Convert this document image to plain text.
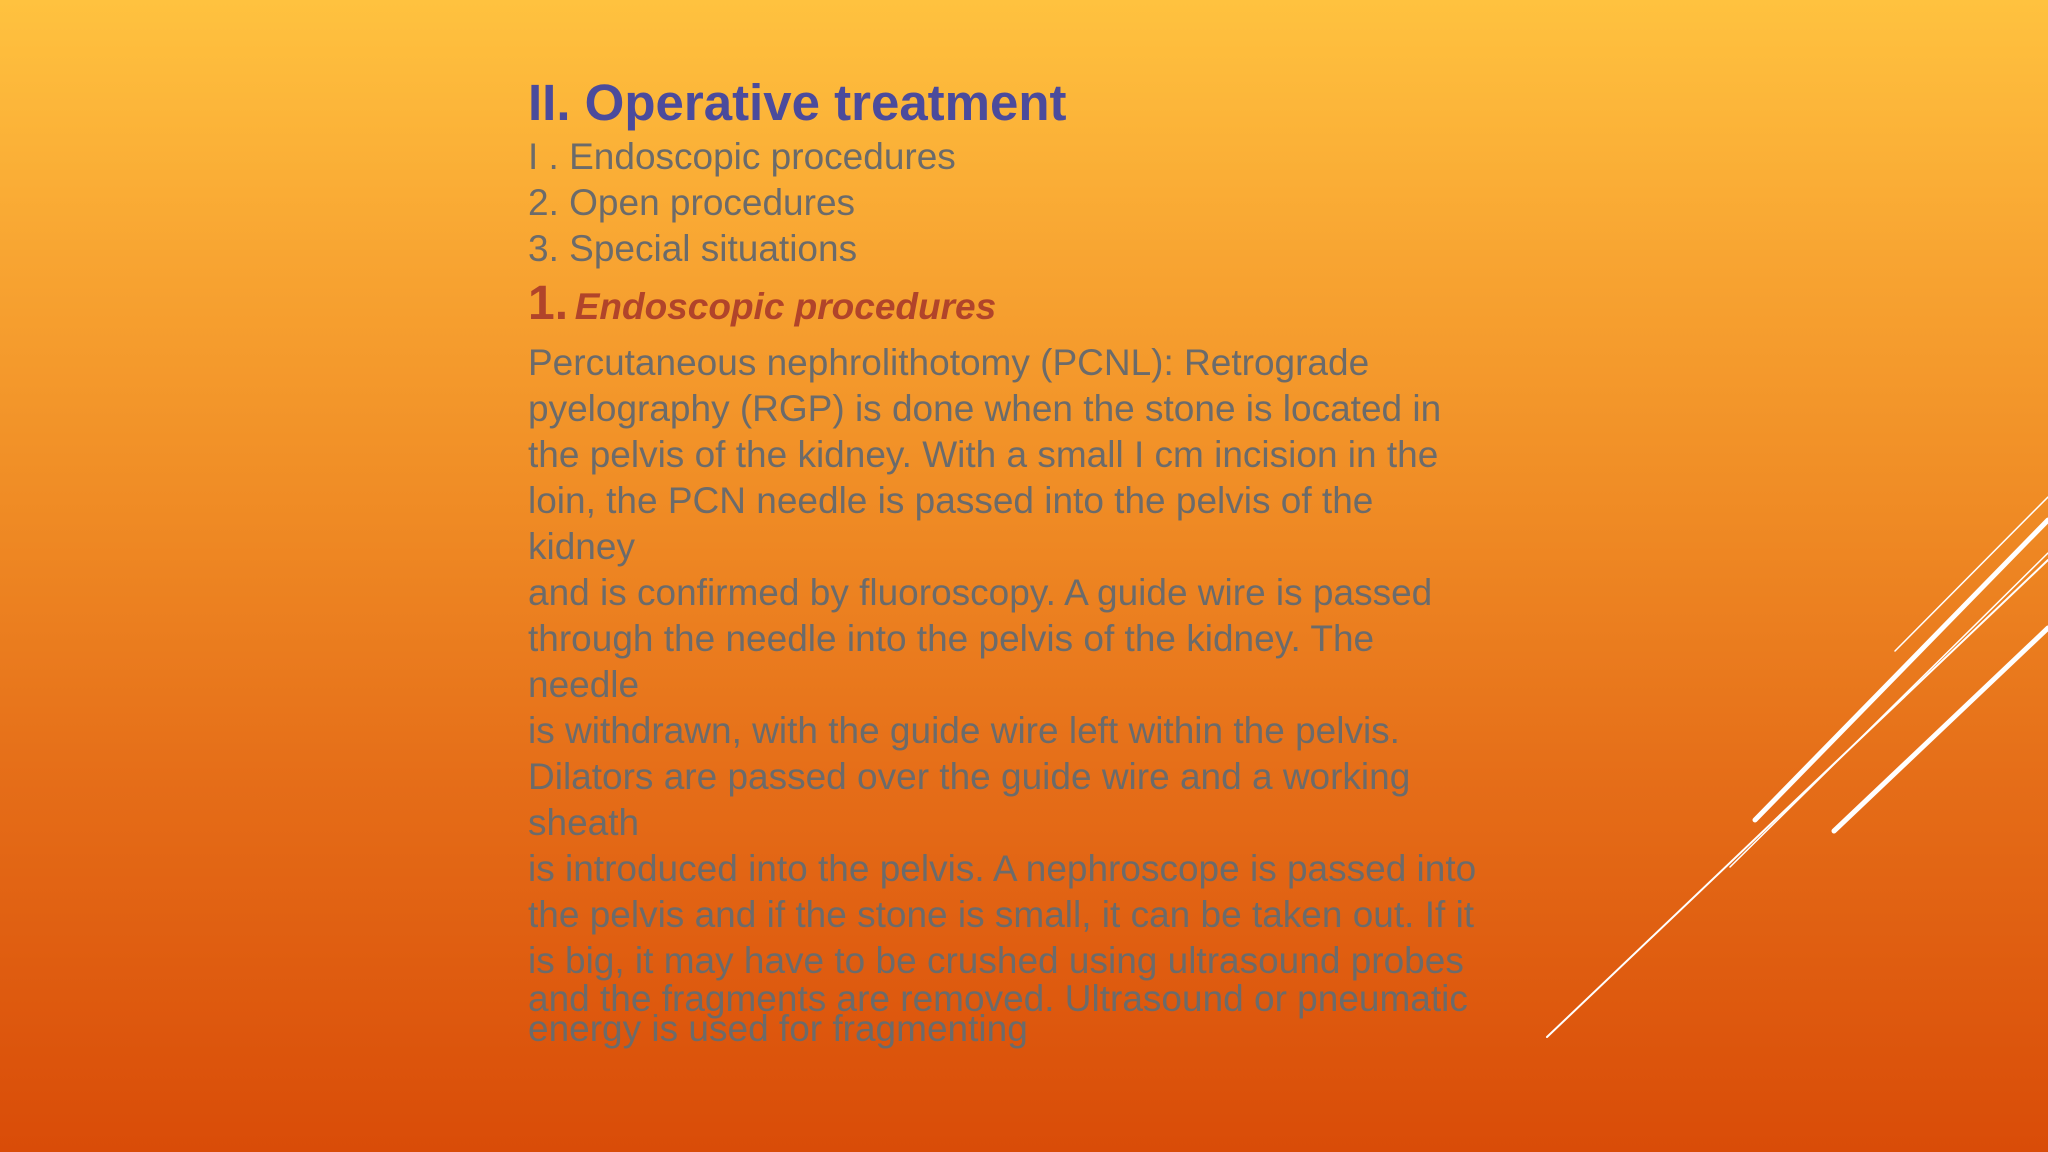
II. Operative treatment
I . Endoscopic procedures
2. Open procedures
3. Special situations
1. Endoscopic procedures
Percutaneous nephrolithotomy (PCNL): Retrograde
pyelography (RGP) is done when the stone is located in
the pelvis of the kidney. With a small I cm incision in the
loin, the PCN needle is passed into the pelvis of the
kidney
and is confirmed by fluoroscopy. A guide wire is passed
through the needle into the pelvis of the kidney. The
needle
is withdrawn, with the guide wire left within the pelvis.
Dilators are passed over the guide wire and a working
sheath
is introduced into the pelvis. A nephroscope is passed into
the pelvis and if the stone is small, it can be taken out. If it
is big, it may have to be crushed using ultrasound probes
and the fragments are removed. Ultrasound or pneumatic
energy is used for fragmenting
